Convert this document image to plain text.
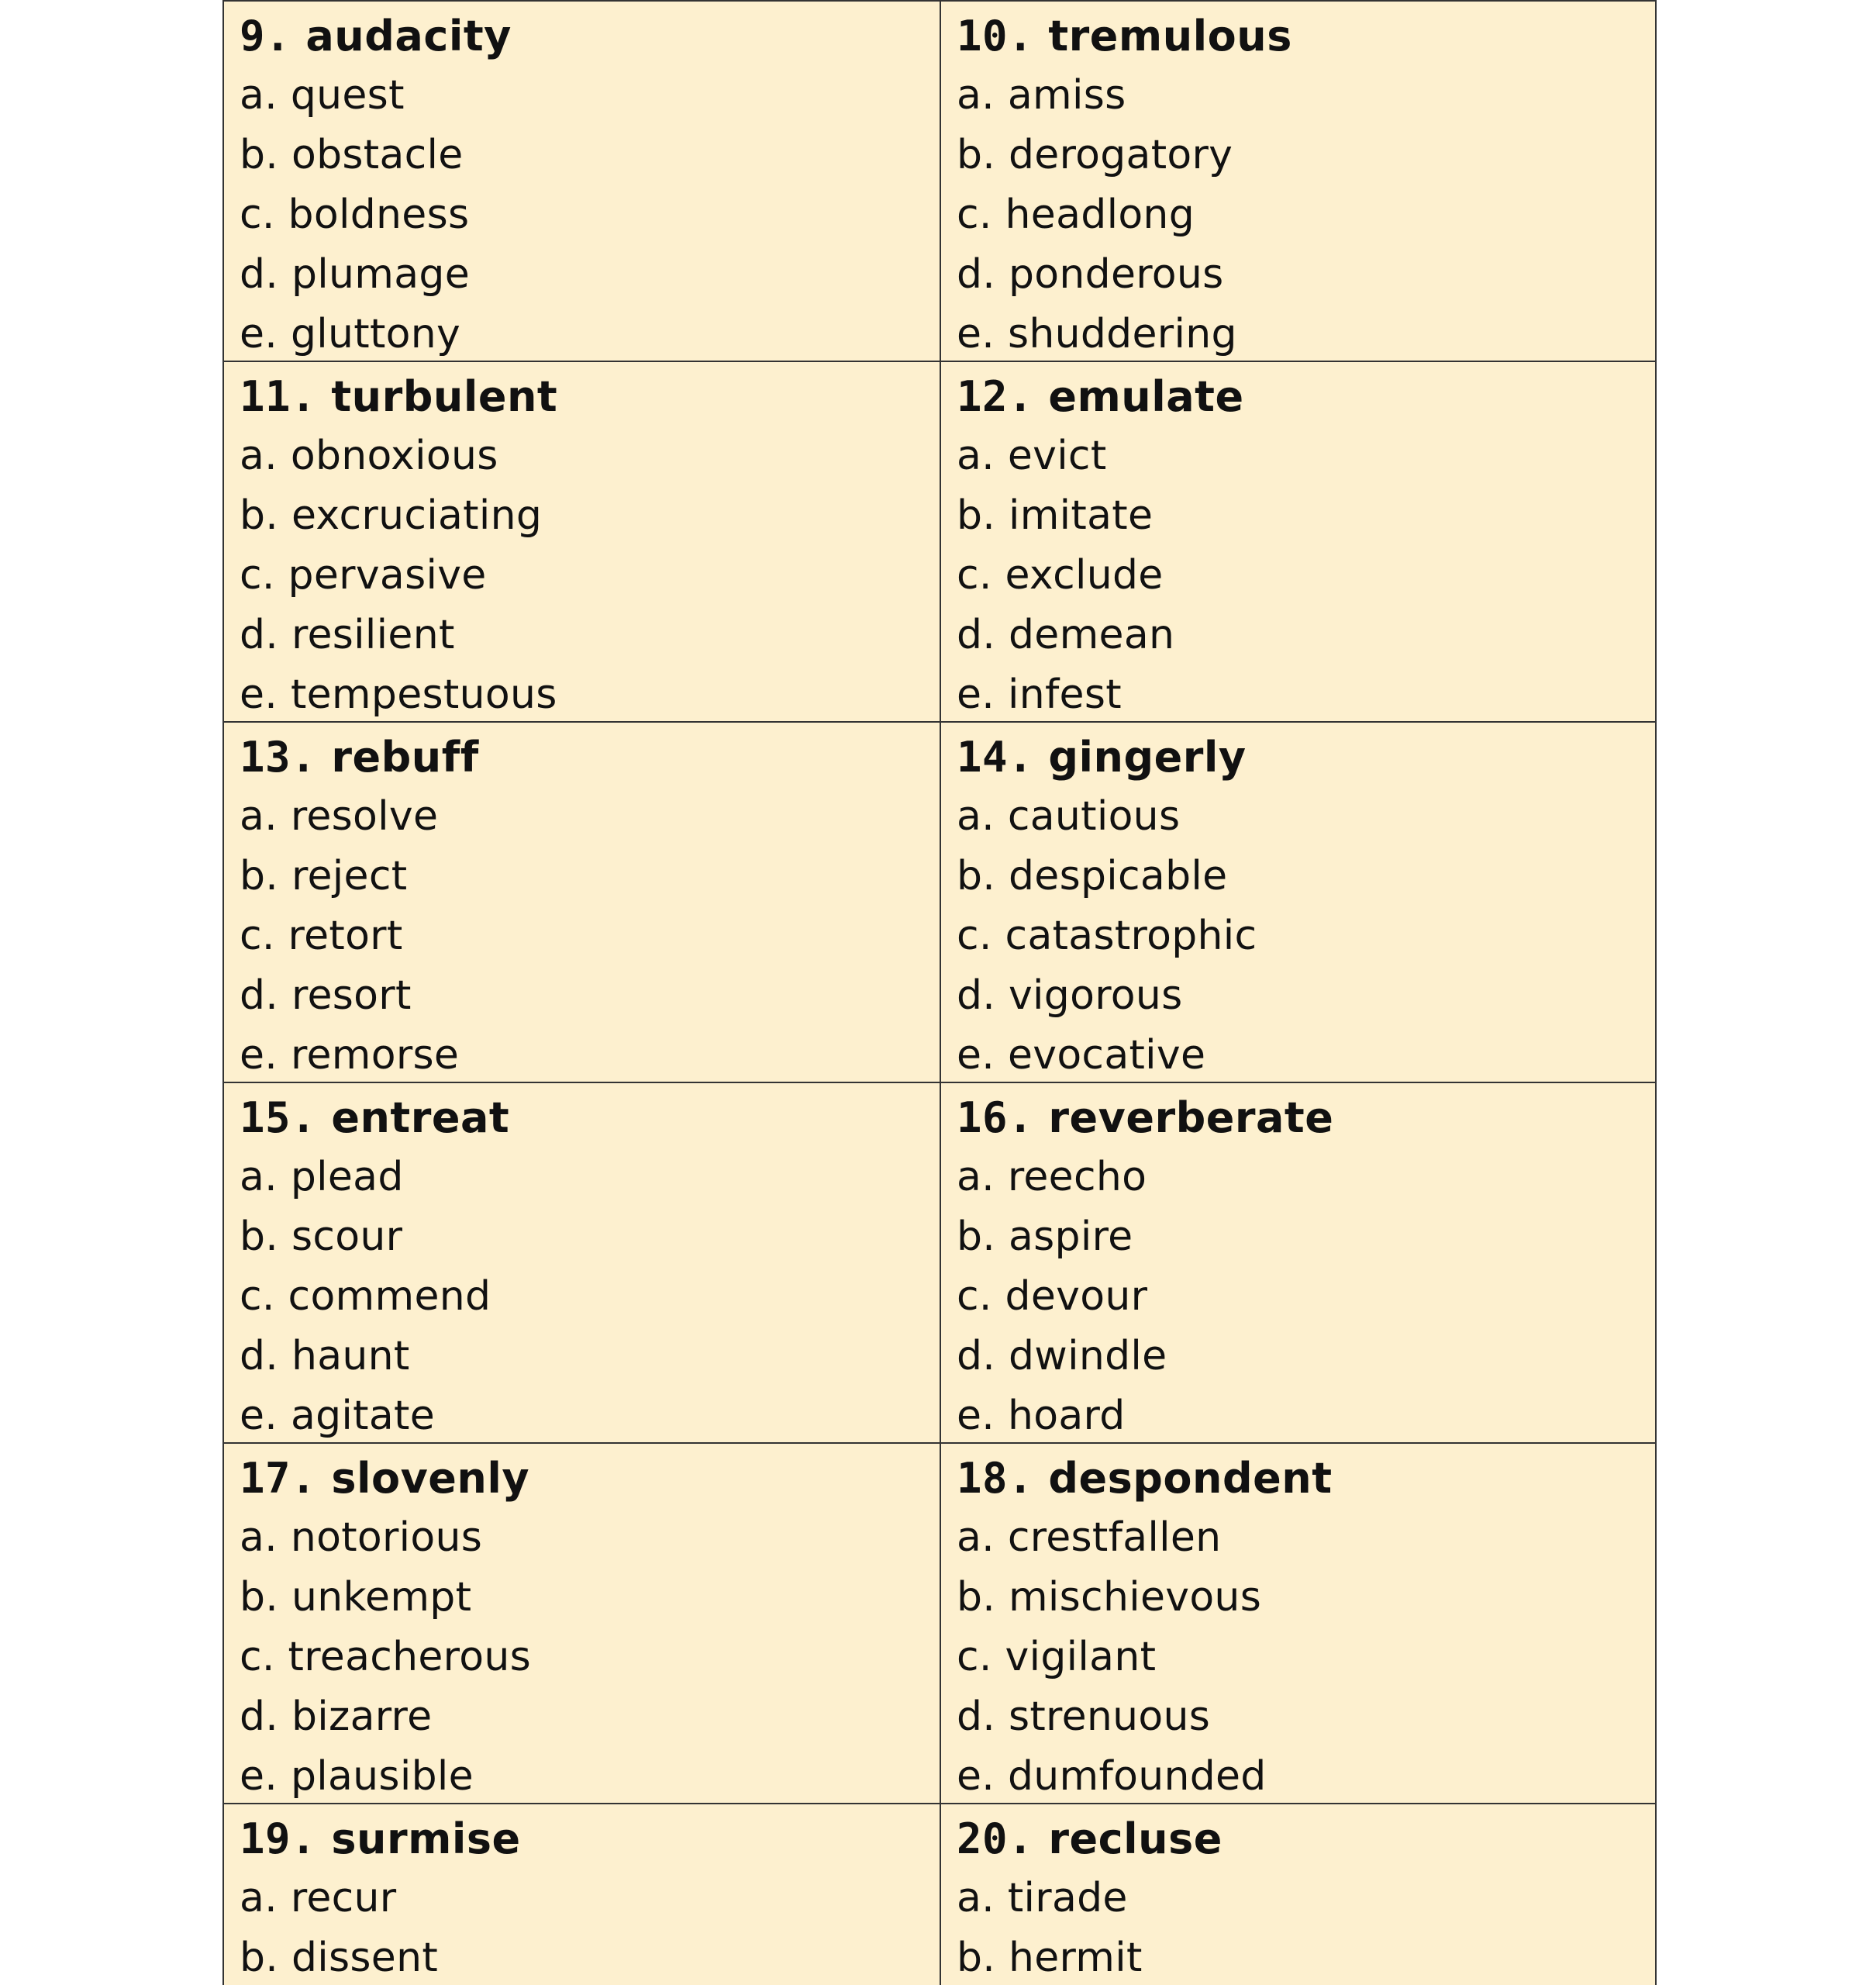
9. audacity
a. quest
b. obstacle
c. boldness
d. plumage
e. gluttony
10. tremulous
a. amiss
b. derogatory
c. headlong
d. ponderous
e. shuddering
11. turbulent
a. obnoxious
b. excruciating
c. pervasive
d. resilient
e. tempestuous
12. emulate
a. evict
b. imitate
c. exclude
d. demean
e. infest
13. rebuff
a. resolve
b. reject
c. retort
d. resort
e. remorse
14. gingerly
a. cautious
b. despicable
c. catastrophic
d. vigorous
e. evocative
15. entreat
a. plead
b. scour
c. commend
d. haunt
e. agitate
16. reverberate
a. reecho
b. aspire
c. devour
d. dwindle
e. hoard
17. slovenly
a. notorious
b. unkempt
c. treacherous
d. bizarre
e. plausible
18. despondent
a. crestfallen
b. mischievous
c. vigilant
d. strenuous
e. dumfounded
19. surmise
a. recur
b. dissent
20. recluse
a. tirade
b. hermit
